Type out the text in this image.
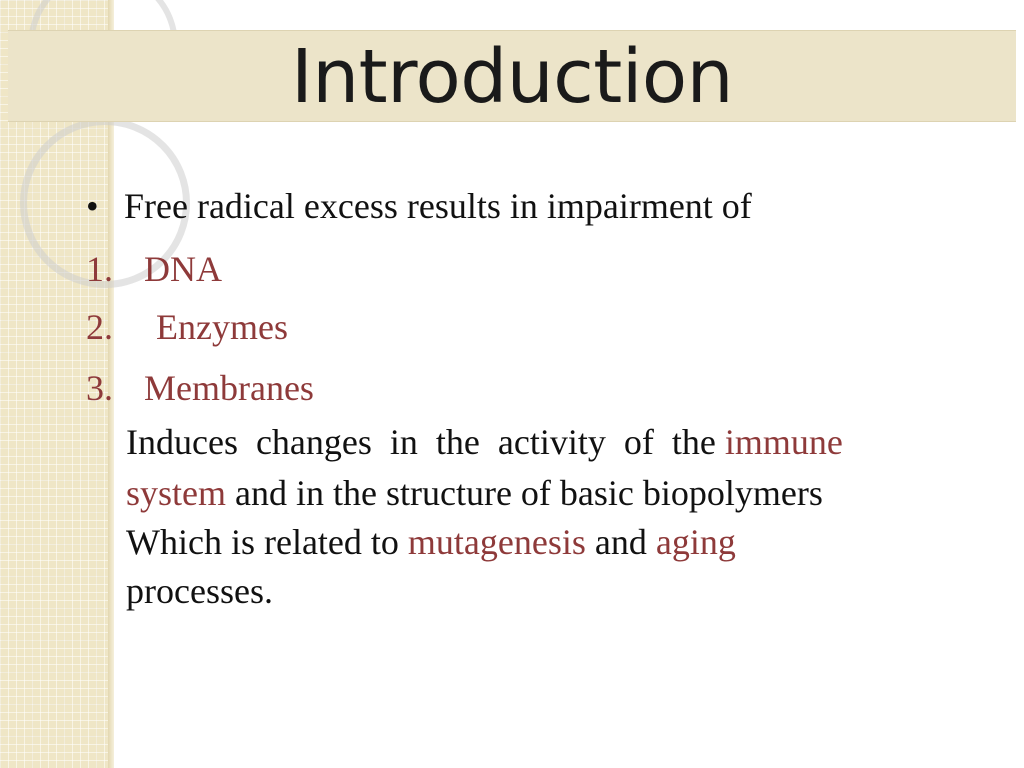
Introduction
• Free radical excess results in impairment of
1. DNA
2. Enzymes
3. Membranes
Induces  changes  in  the  activity  of  the immune
system and in the structure of basic biopolymers
Which is related to mutagenesis and aging
processes.
